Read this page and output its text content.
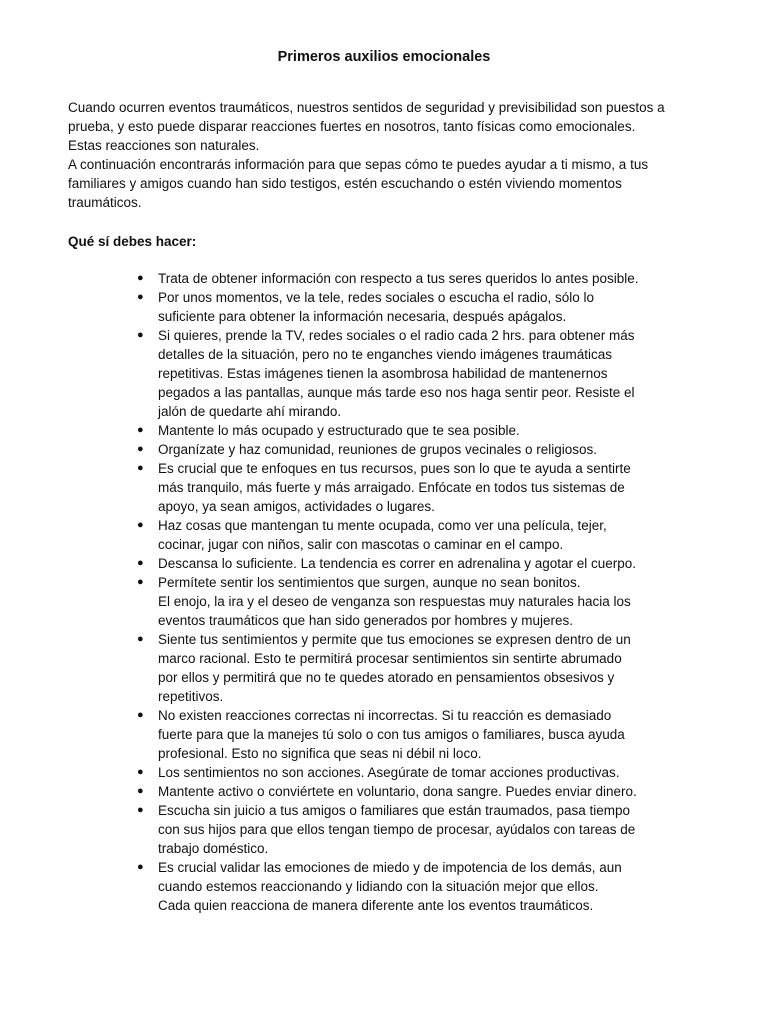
Primeros auxilios emocionales

Cuando ocurren eventos traumáticos, nuestros sentidos de seguridad y previsibilidad son puestos a

prueba, y esto puede disparar reacciones fuertes en nosotros, tanto físicas como emocionales.

Estas reacciones son naturales.

A continuación encontrarás información para que sepas cómo te puedes ayudar a ti mismo, a tus

familiares y amigos cuando han sido testigos, estén escuchando o estén viviendo momentos

traumáticos.

Qué sí debes hacer:
● Trata de obtener información con respecto a tus seres queridos lo antes posible.
● Por unos momentos, ve la tele, redes sociales o escucha el radio, sólo lo
suficiente para obtener la información necesaria, después apágalos.
● Si quieres, prende la TV, redes sociales o el radio cada 2 hrs. para obtener más
detalles de la situación, pero no te enganches viendo imágenes traumáticas
repetitivas. Estas imágenes tienen la asombrosa habilidad de mantenernos
pegados a las pantallas, aunque más tarde eso nos haga sentir peor. Resiste el
jalón de quedarte ahí mirando.
● Mantente lo más ocupado y estructurado que te sea posible.
● Organízate y haz comunidad, reuniones de grupos vecinales o religiosos.
● Es crucial que te enfoques en tus recursos, pues son lo que te ayuda a sentirte
más tranquilo, más fuerte y más arraigado. Enfócate en todos tus sistemas de
apoyo, ya sean amigos, actividades o lugares.
● Haz cosas que mantengan tu mente ocupada, como ver una película, tejer,
cocinar, jugar con niños, salir con mascotas o caminar en el campo.
● Descansa lo suficiente. La tendencia es correr en adrenalina y agotar el cuerpo.
● Permítete sentir los sentimientos que surgen, aunque no sean bonitos.
El enojo, la ira y el deseo de venganza son respuestas muy naturales hacia los
eventos traumáticos que han sido generados por hombres y mujeres.
● Siente tus sentimientos y permite que tus emociones se expresen dentro de un
marco racional. Esto te permitirá procesar sentimientos sin sentirte abrumado
por ellos y permitirá que no te quedes atorado en pensamientos obsesivos y
repetitivos.
● No existen reacciones correctas ni incorrectas. Si tu reacción es demasiado
fuerte para que la manejes tú solo o con tus amigos o familiares, busca ayuda
profesional. Esto no significa que seas ni débil ni loco.
● Los sentimientos no son acciones. Asegúrate de tomar acciones productivas.
● Mantente activo o conviértete en voluntario, dona sangre. Puedes enviar dinero.
● Escucha sin juicio a tus amigos o familiares que están traumados, pasa tiempo
con sus hijos para que ellos tengan tiempo de procesar, ayúdalos con tareas de
trabajo doméstico.
● Es crucial validar las emociones de miedo y de impotencia de los demás, aun
cuando estemos reaccionando y lidiando con la situación mejor que ellos.
Cada quien reacciona de manera diferente ante los eventos traumáticos.
